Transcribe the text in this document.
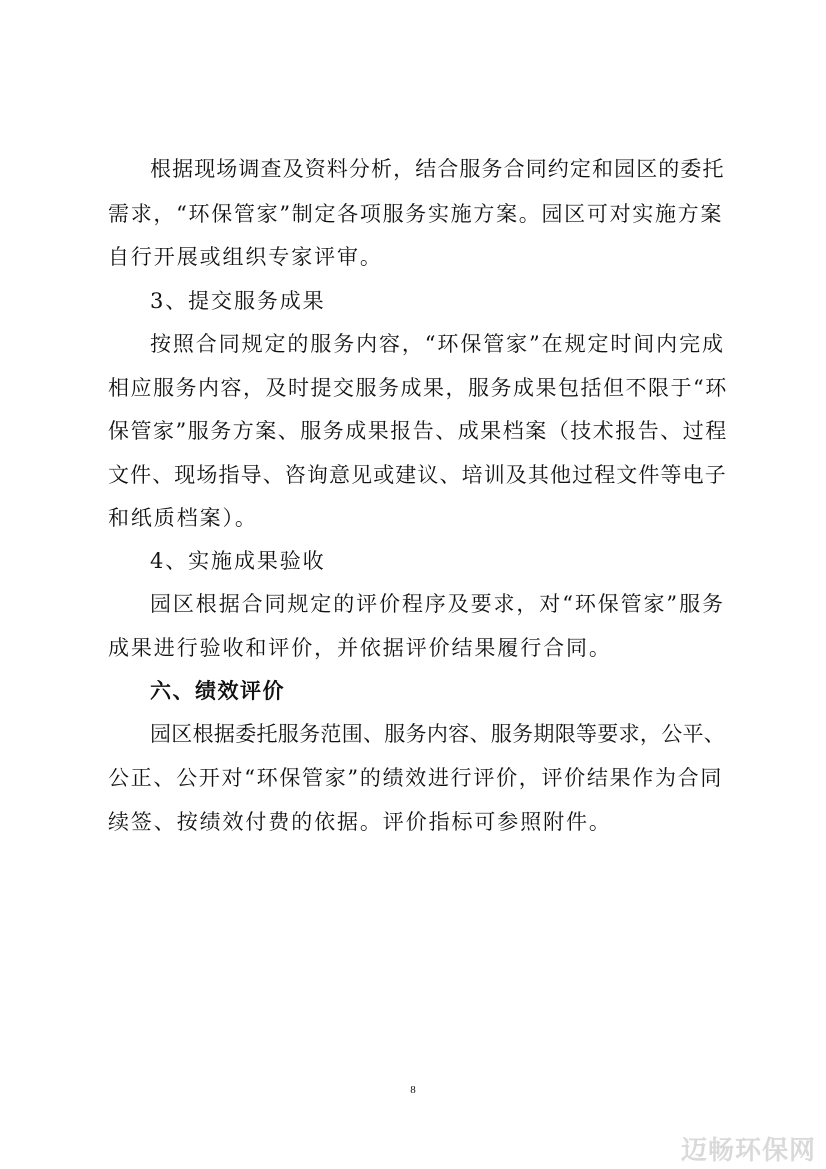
根据现场调查及资料分析，结合服务合同约定和园区的委托
需求，“环保管家”制定各项服务实施方案。园区可对实施方案
自行开展或组织专家评审。
3、提交服务成果
按照合同规定的服务内容，“环保管家”在规定时间内完成
相应服务内容，及时提交服务成果，服务成果包括但不限于“环
保管家”服务方案、服务成果报告、成果档案（技术报告、过程
文件、现场指导、咨询意见或建议、培训及其他过程文件等电子
和纸质档案）。
4、实施成果验收
园区根据合同规定的评价程序及要求，对“环保管家”服务
成果进行验收和评价，并依据评价结果履行合同。
六、绩效评价
园区根据委托服务范围、服务内容、服务期限等要求，公平、
公正、公开对“环保管家”的绩效进行评价，评价结果作为合同
续签、按绩效付费的依据。评价指标可参照附件。
8
迈畅环保网
